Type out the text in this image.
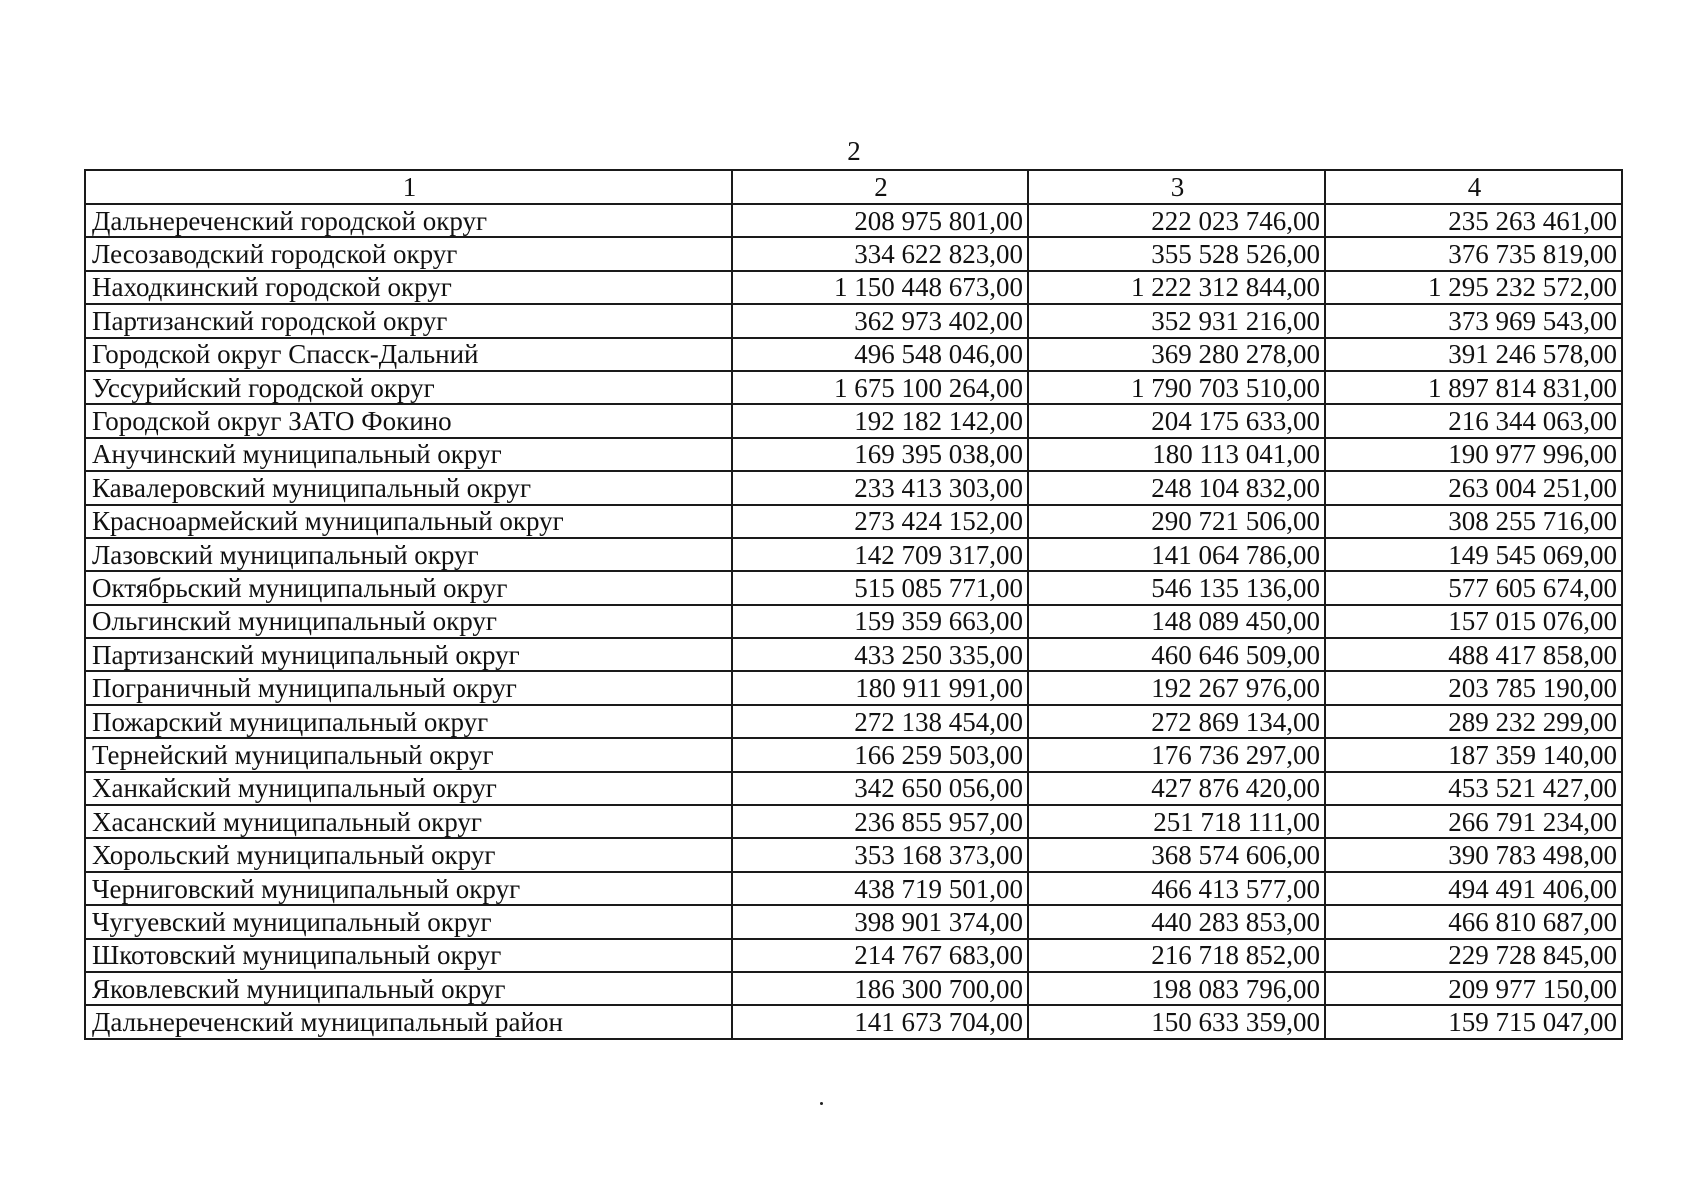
2
1	2	3	4
Дальнереченский городской округ	208 975 801,00	222 023 746,00	235 263 461,00
Лесозаводский городской округ	334 622 823,00	355 528 526,00	376 735 819,00
Находкинский городской округ	1 150 448 673,00	1 222 312 844,00	1 295 232 572,00
Партизанский городской округ	362 973 402,00	352 931 216,00	373 969 543,00
Городской округ Спасск-Дальний	496 548 046,00	369 280 278,00	391 246 578,00
Уссурийский городской округ	1 675 100 264,00	1 790 703 510,00	1 897 814 831,00
Городской округ ЗАТО Фокино	192 182 142,00	204 175 633,00	216 344 063,00
Анучинский муниципальный округ	169 395 038,00	180 113 041,00	190 977 996,00
Кавалеровский муниципальный округ	233 413 303,00	248 104 832,00	263 004 251,00
Красноармейский муниципальный округ	273 424 152,00	290 721 506,00	308 255 716,00
Лазовский муниципальный округ	142 709 317,00	141 064 786,00	149 545 069,00
Октябрьский муниципальный округ	515 085 771,00	546 135 136,00	577 605 674,00
Ольгинский муниципальный округ	159 359 663,00	148 089 450,00	157 015 076,00
Партизанский муниципальный округ	433 250 335,00	460 646 509,00	488 417 858,00
Пограничный муниципальный округ	180 911 991,00	192 267 976,00	203 785 190,00
Пожарский муниципальный округ	272 138 454,00	272 869 134,00	289 232 299,00
Тернейский муниципальный округ	166 259 503,00	176 736 297,00	187 359 140,00
Ханкайский муниципальный округ	342 650 056,00	427 876 420,00	453 521 427,00
Хасанский муниципальный округ	236 855 957,00	251 718 111,00	266 791 234,00
Хорольский муниципальный округ	353 168 373,00	368 574 606,00	390 783 498,00
Черниговский муниципальный округ	438 719 501,00	466 413 577,00	494 491 406,00
Чугуевский муниципальный округ	398 901 374,00	440 283 853,00	466 810 687,00
Шкотовский муниципальный округ	214 767 683,00	216 718 852,00	229 728 845,00
Яковлевский муниципальный округ	186 300 700,00	198 083 796,00	209 977 150,00
Дальнереченский муниципальный район	141 673 704,00	150 633 359,00	159 715 047,00
